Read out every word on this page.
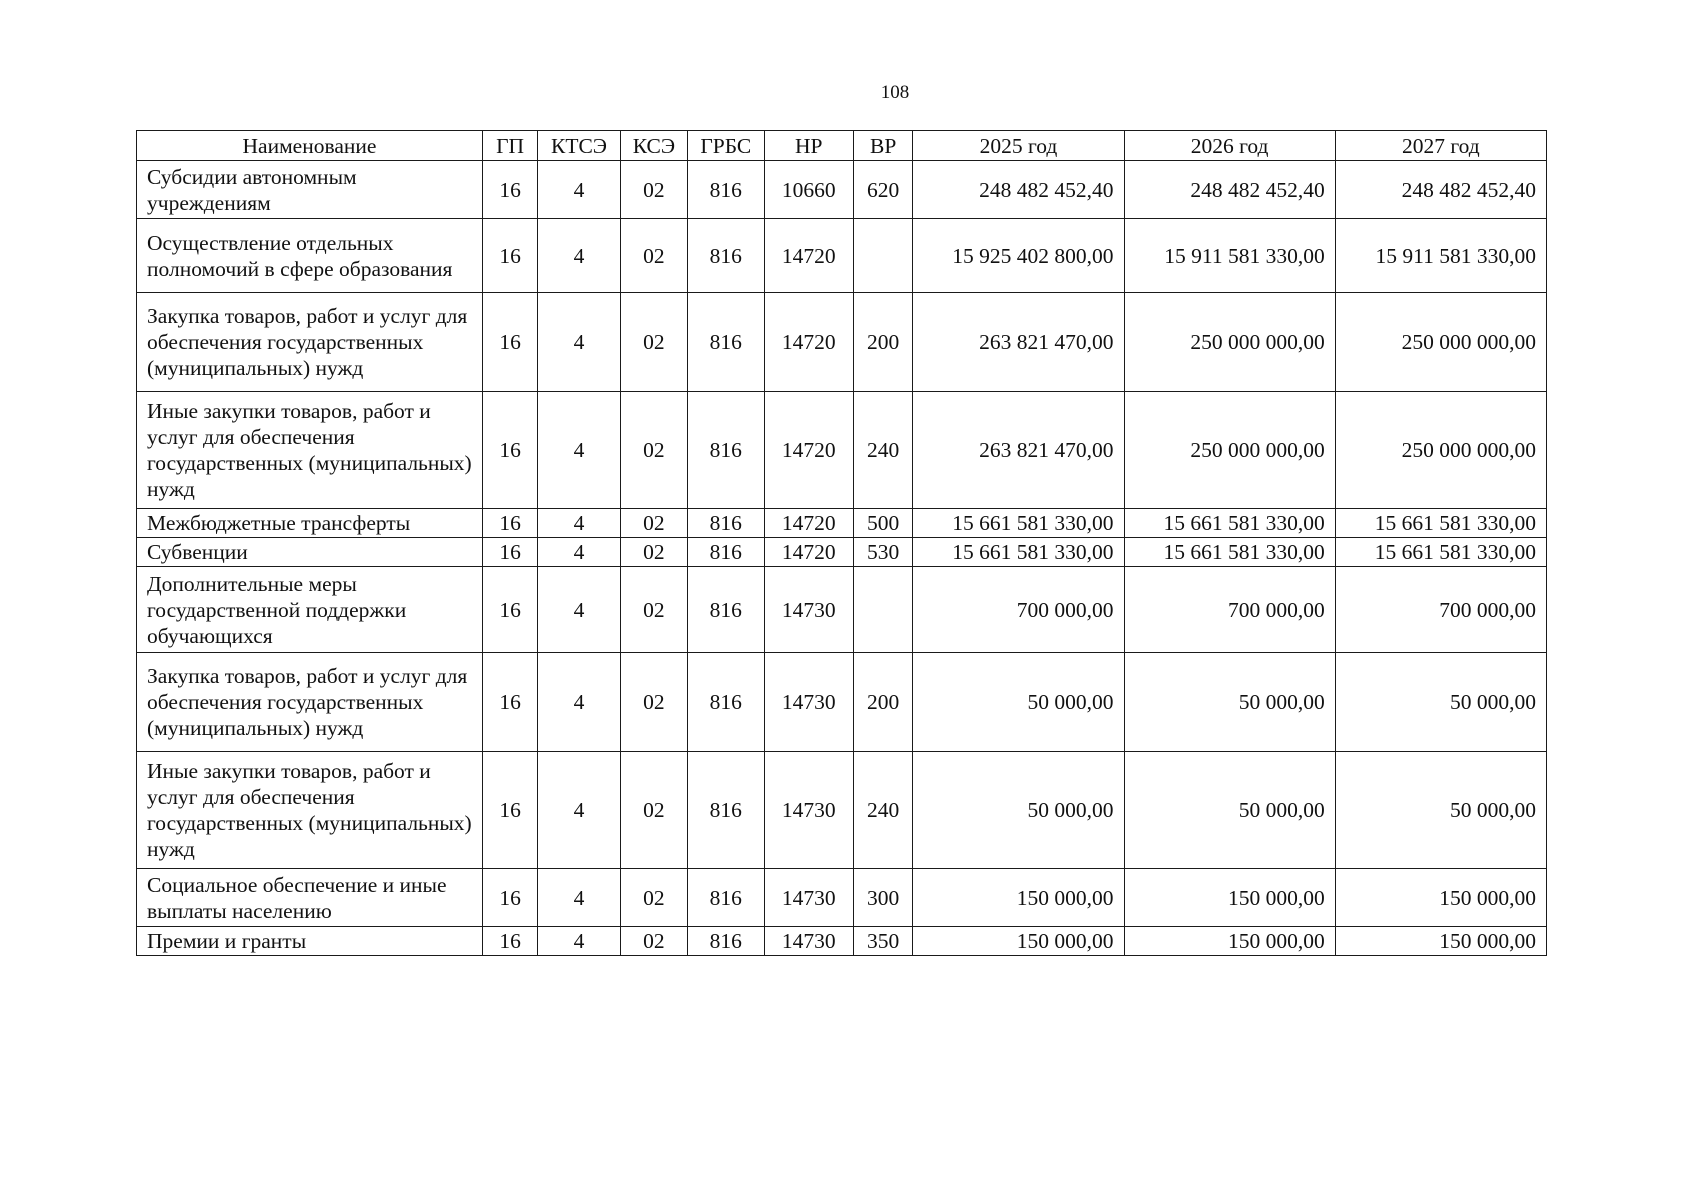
108
Наименование	ГП	КТСЭ	КСЭ	ГРБС	НР	ВР	2025 год	2026 год	2027 год
Субсидии автономным учреждениям	16	4	02	816	10660	620	248 482 452,40	248 482 452,40	248 482 452,40
Осуществление отдельных полномочий в сфере образования	16	4	02	816	14720		15 925 402 800,00	15 911 581 330,00	15 911 581 330,00
Закупка товаров, работ и услуг для обеспечения государственных (муниципальных) нужд	16	4	02	816	14720	200	263 821 470,00	250 000 000,00	250 000 000,00
Иные закупки товаров, работ и услуг для обеспечения государственных (муниципальных) нужд	16	4	02	816	14720	240	263 821 470,00	250 000 000,00	250 000 000,00
Межбюджетные трансферты	16	4	02	816	14720	500	15 661 581 330,00	15 661 581 330,00	15 661 581 330,00
Субвенции	16	4	02	816	14720	530	15 661 581 330,00	15 661 581 330,00	15 661 581 330,00
Дополнительные меры государственной поддержки обучающихся	16	4	02	816	14730		700 000,00	700 000,00	700 000,00
Закупка товаров, работ и услуг для обеспечения государственных (муниципальных) нужд	16	4	02	816	14730	200	50 000,00	50 000,00	50 000,00
Иные закупки товаров, работ и услуг для обеспечения государственных (муниципальных) нужд	16	4	02	816	14730	240	50 000,00	50 000,00	50 000,00
Социальное обеспечение и иные выплаты населению	16	4	02	816	14730	300	150 000,00	150 000,00	150 000,00
Премии и гранты	16	4	02	816	14730	350	150 000,00	150 000,00	150 000,00
